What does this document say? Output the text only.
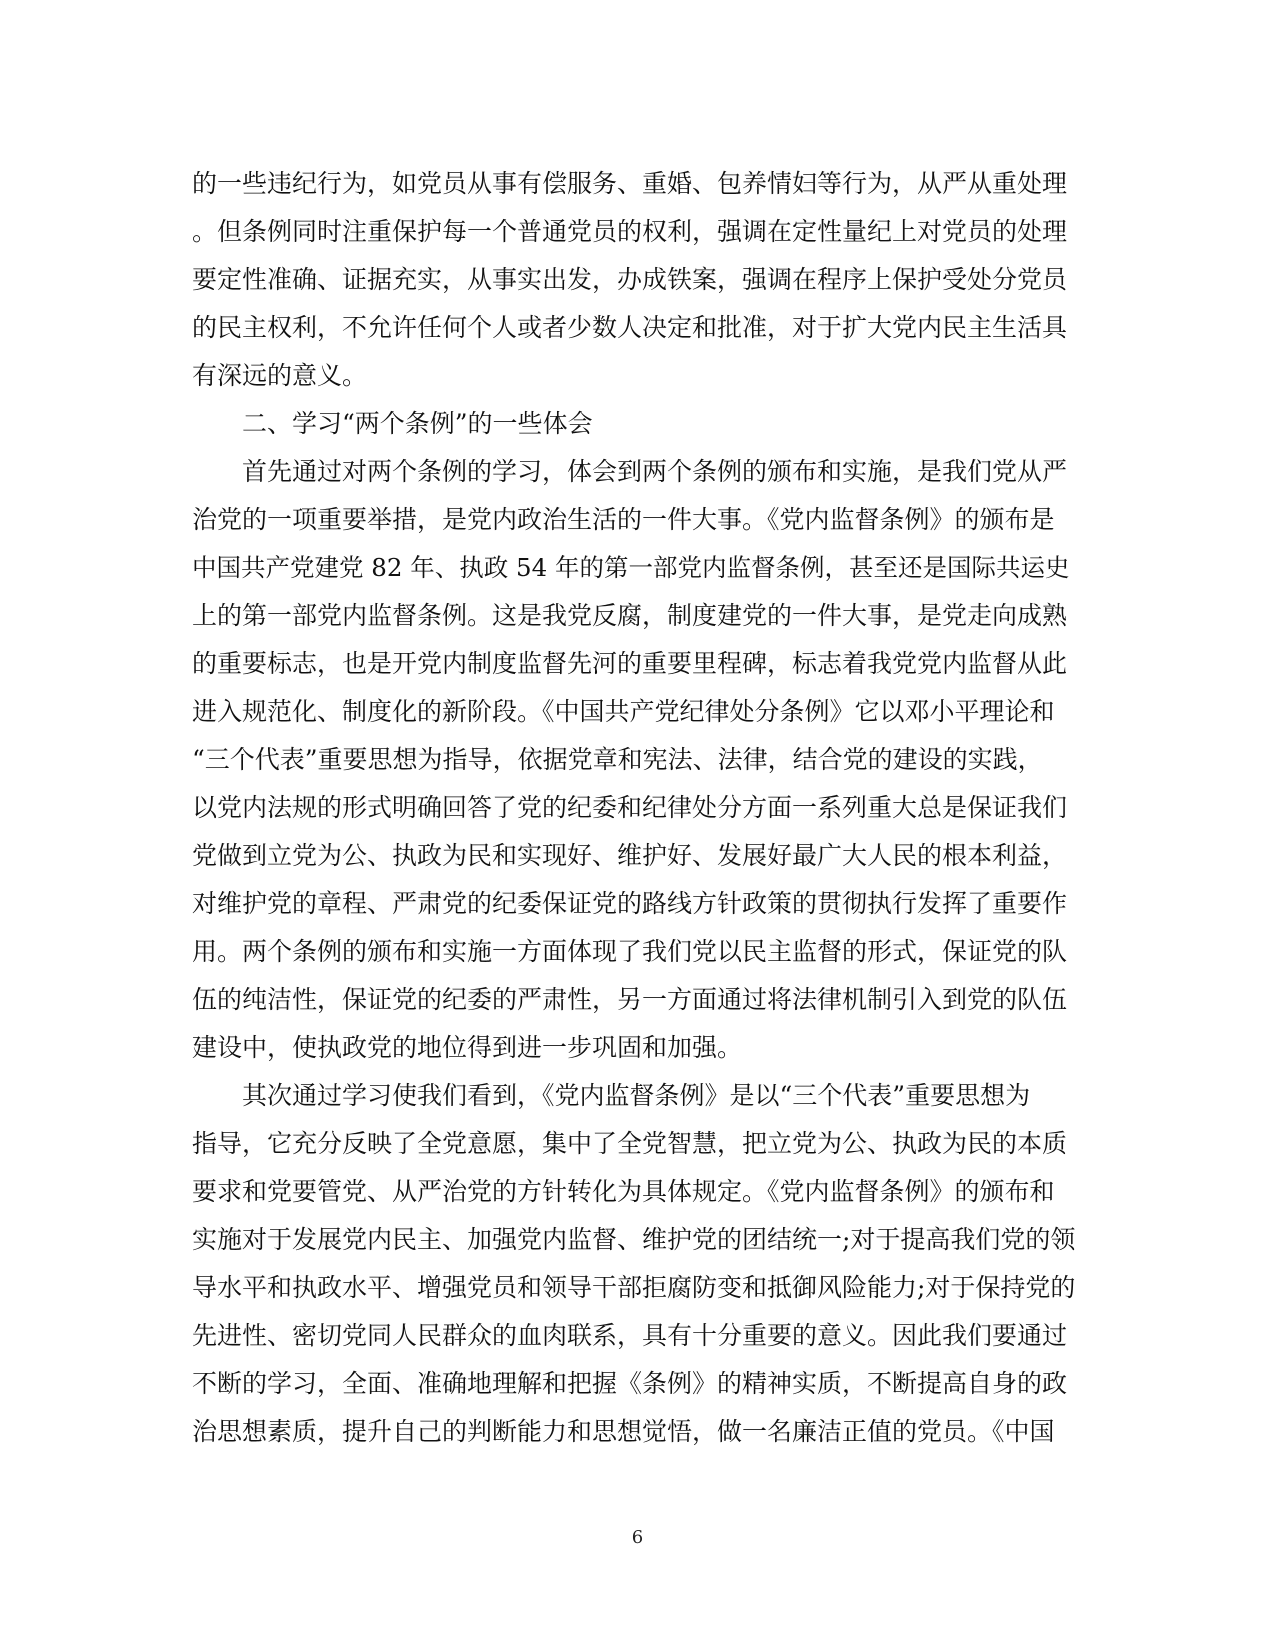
的一些违纪行为，如党员从事有偿服务、重婚、包养情妇等行为，从严从重处理
。但条例同时注重保护每一个普通党员的权利，强调在定性量纪上对党员的处理
要定性准确、证据充实，从事实出发，办成铁案，强调在程序上保护受处分党员
的民主权利，不允许任何个人或者少数人决定和批准，对于扩大党内民主生活具
有深远的意义。
二、学习“两个条例”的一些体会
首先通过对两个条例的学习，体会到两个条例的颁布和实施，是我们党从严
治党的一项重要举措，是党内政治生活的一件大事。《党内监督条例》的颁布是
中国共产党建党 82 年、执政 54 年的第一部党内监督条例，甚至还是国际共运史
上的第一部党内监督条例。这是我党反腐，制度建党的一件大事，是党走向成熟
的重要标志，也是开党内制度监督先河的重要里程碑，标志着我党党内监督从此
进入规范化、制度化的新阶段。《中国共产党纪律处分条例》它以邓小平理论和
“三个代表”重要思想为指导，依据党章和宪法、法律，结合党的建设的实践，
以党内法规的形式明确回答了党的纪委和纪律处分方面一系列重大总是保证我们
党做到立党为公、执政为民和实现好、维护好、发展好最广大人民的根本利益，
对维护党的章程、严肃党的纪委保证党的路线方针政策的贯彻执行发挥了重要作
用。两个条例的颁布和实施一方面体现了我们党以民主监督的形式，保证党的队
伍的纯洁性，保证党的纪委的严肃性，另一方面通过将法律机制引入到党的队伍
建设中，使执政党的地位得到进一步巩固和加强。
其次通过学习使我们看到，《党内监督条例》是以“三个代表”重要思想为
指导，它充分反映了全党意愿，集中了全党智慧，把立党为公、执政为民的本质
要求和党要管党、从严治党的方针转化为具体规定。《党内监督条例》的颁布和
实施对于发展党内民主、加强党内监督、维护党的团结统一;对于提高我们党的领
导水平和执政水平、增强党员和领导干部拒腐防变和抵御风险能力;对于保持党的
先进性、密切党同人民群众的血肉联系，具有十分重要的意义。因此我们要通过
不断的学习，全面、准确地理解和把握《条例》的精神实质，不断提高自身的政
治思想素质，提升自己的判断能力和思想觉悟，做一名廉洁正值的党员。《中国
6
